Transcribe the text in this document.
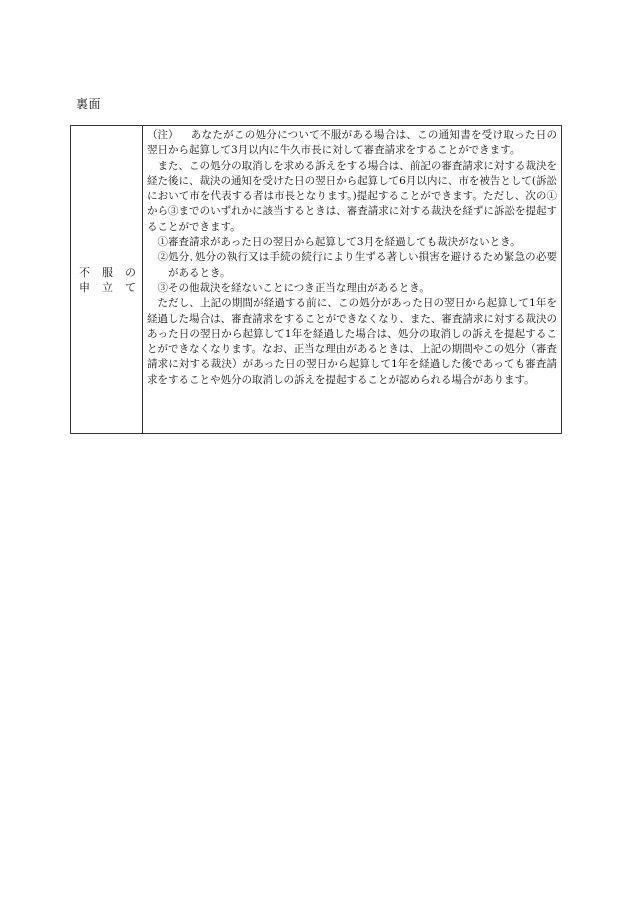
裏面
不 服 の
申 立 て

（注） あなたがこの処分について不服がある場合は、この通知書を受け取った日の翌日から起算して3月以内に牛久市長に対して審査請求をすることができます。

また、この処分の取消しを求める訴えをする場合は、前記の審査請求に対する裁決を経た後に、裁決の通知を受けた日の翌日から起算して6月以内に、市を被告として(訴訟において市を代表する者は市長となります。)提起することができます。ただし、次の①から③までのいずれかに該当するときは、審査請求に対する裁決を経ずに訴訟を提起することができます。

①審査請求があった日の翌日から起算して3月を経過しても裁決がないとき。

②処分､処分の執行又は手続の続行により生ずる著しい損害を避けるため緊急の必要があるとき。

③その他裁決を経ないことにつき正当な理由があるとき。

ただし、上記の期間が経過する前に、この処分があった日の翌日から起算して1年を経過した場合は、審査請求をすることができなくなり、また、審査請求に対する裁決のあった日の翌日から起算して1年を経過した場合は、処分の取消しの訴えを提起することができなくなります。なお、正当な理由があるときは、上記の期間やこの処分（審査請求に対する裁決）があった日の翌日から起算して1年を経過した後であっても審査請求をすることや処分の取消しの訴えを提起することが認められる場合があります。
